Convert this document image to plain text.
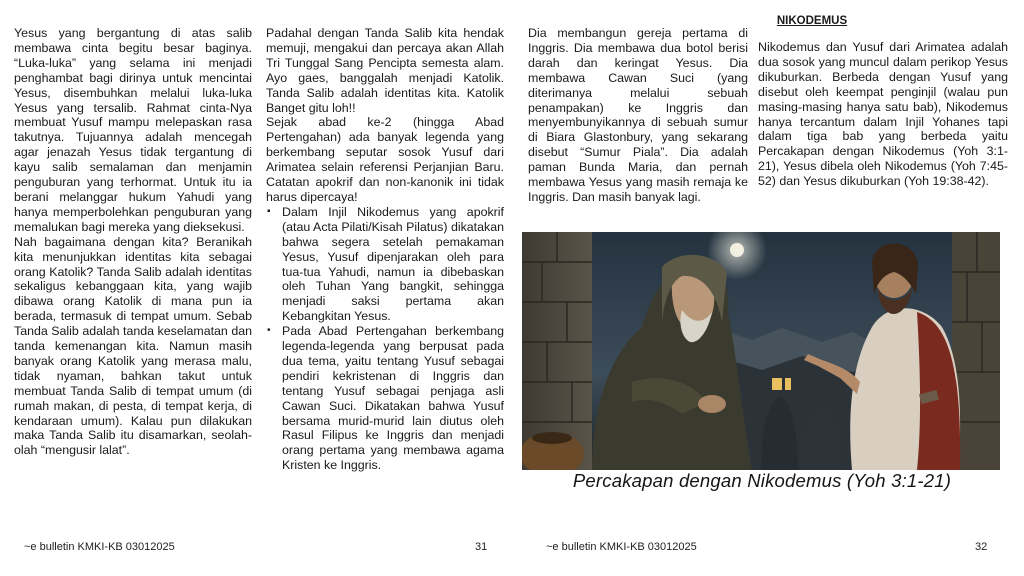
Yesus yang bergantung di atas salib membawa cinta begitu besar baginya. “Luka-luka” yang selama ini menjadi penghambat bagi dirinya untuk mencintai Yesus, disembuhkan melalui luka-luka Yesus yang tersalib. Rahmat cinta-Nya membuat Yusuf mampu melepaskan rasa takutnya. Tujuannya adalah mencegah agar jenazah Yesus tidak tergantung di kayu salib semalaman dan menjamin penguburan yang terhormat. Untuk itu ia berani melanggar hukum Yahudi yang hanya memperbolehkan penguburan yang memalukan bagi mereka yang dieksekusi.

Nah bagaimana dengan kita? Beranikah kita menunjukkan identitas kita sebagai orang Katolik? Tanda Salib adalah identitas sekaligus kebanggaan kita, yang wajib dibawa orang Katolik di mana pun ia berada, termasuk di tempat umum. Sebab Tanda Salib adalah tanda keselamatan dan tanda kemenangan kita. Namun masih banyak orang Katolik yang merasa malu, tidak nyaman, bahkan takut untuk membuat Tanda Salib di tempat umum (di rumah makan, di pesta, di tempat kerja, di kendaraan umum). Kalau pun dilakukan maka Tanda Salib itu disamarkan, seolah-olah “mengusir lalat”.

Padahal dengan Tanda Salib kita hendak memuji, mengakui dan percaya akan Allah Tri Tunggal Sang Pencipta semesta alam. Ayo gaes, banggalah menjadi Katolik. Tanda Salib adalah identitas kita. Katolik Banget gitu loh!!

Sejak abad ke-2 (hingga Abad Pertengahan) ada banyak legenda yang berkembang seputar sosok Yusuf dari Arimatea selain referensi Perjanjian Baru. Catatan apokrif dan non-kanonik ini tidak harus dipercaya!

▪ Dalam Injil Nikodemus yang apokrif (atau Acta Pilati/Kisah Pilatus) dikatakan bahwa segera setelah pemakaman Yesus, Yusuf dipenjarakan oleh para tua-tua Yahudi, namun ia dibebaskan oleh Tuhan Yang bangkit, sehingga menjadi saksi pertama akan Kebangkitan Yesus.
• Pada Abad Pertengahan berkembang legenda-legenda yang berpusat pada dua tema, yaitu tentang Yusuf sebagai pendiri kekristenan di Inggris dan tentang Yusuf sebagai penjaga asli Cawan Suci. Dikatakan bahwa Yusuf bersama murid-murid lain diutus oleh Rasul Filipus ke Inggris dan menjadi orang pertama yang membawa agama Kristen ke Inggris.
~e bulletin KMKI-KB 03012025	31

Dia membangun gereja pertama di Inggris. Dia membawa dua botol berisi darah dan keringat Yesus. Dia membawa Cawan Suci (yang diterimanya melalui sebuah penampakan) ke Inggris dan menyembunyikannya di sebuah sumur di Biara Glastonbury, yang sekarang disebut “Sumur Piala”. Dia adalah paman Bunda Maria, dan pernah membawa Yesus yang masih remaja ke Inggris. Dan masih banyak lagi.

NIKODEMUS

Nikodemus dan Yusuf dari Arimatea adalah dua sosok yang muncul dalam perikop Yesus dikuburkan. Berbeda dengan Yusuf yang disebut oleh keempat penginjil (walau pun masing-masing hanya satu bab), Nikodemus hanya tercantum dalam Injil Yohanes tapi dalam tiga bab yang berbeda yaitu Percakapan dengan Nikodemus (Yoh 3:1-21), Yesus dibela oleh Nikodemus (Yoh 7:45-52) dan Yesus dikuburkan (Yoh 19:38-42).

Percakapan dengan Nikodemus (Yoh 3:1-21)
~e bulletin KMKI-KB 03012025	32
